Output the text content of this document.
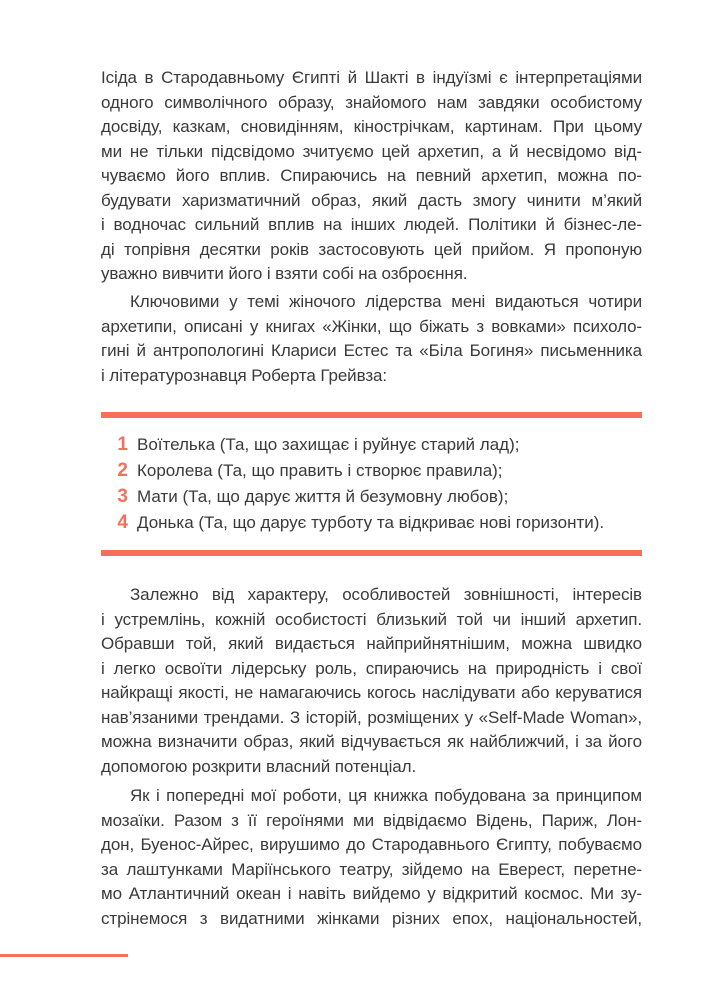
Ісіда в Стародавньому Єгипті й Шакті в індуїзмі є інтерпретаціями
одного символічного образу, знайомого нам завдяки особистому
досвіду, казкам, сновидінням, кінострічкам, картинам. При цьому
ми не тільки підсвідомо зчитуємо цей архетип, а й несвідомо від-
чуваємо його вплив. Спираючись на певний архетип, можна по-
будувати харизматичний образ, який дасть змогу чинити м’який
і водночас сильний вплив на інших людей. Політики й бізнес-ле-
ді топрівня десятки років застосовують цей прийом. Я пропоную
уважно вивчити його і взяти собі на озброєння.

Ключовими у темі жіночого лідерства мені видаються чотири
архетипи, описані у книгах «Жінки, що біжать з вовками» психоло-
гині й антропологині Клариси Естес та «Біла Богиня» письменника
і літературознавця Роберта Грейвза:

1 Воїтелька (Та, що захищає і руйнує старий лад);
2 Королева (Та, що править і створює правила);
3 Мати (Та, що дарує життя й безумовну любов);
4 Донька (Та, що дарує турботу та відкриває нові горизонти).

Залежно від характеру, особливостей зовнішності, інтересів
і устремлінь, кожній особистості близький той чи інший архетип.
Обравши той, який видається найприйнятнішим, можна швидко
і легко освоїти лідерську роль, спираючись на природність і свої
найкращі якості, не намагаючись когось наслідувати або керуватися
нав’язаними трендами. З історій, розміщених у «Self-Made Woman»,
можна визначити образ, який відчувається як найближчий, і за його
допомогою розкрити власний потенціал.

Як і попередні мої роботи, ця книжка побудована за принципом
мозаїки. Разом з її героїнями ми відвідаємо Відень, Париж, Лон-
дон, Буенос-Айрес, вирушимо до Стародавнього Єгипту, побуваємо
за лаштунками Маріїнського театру, зійдемо на Еверест, перетне-
мо Атлантичний океан і навіть вийдемо у відкритий космос. Ми зу-
стрінемося з видатними жінками різних епох, національностей,
